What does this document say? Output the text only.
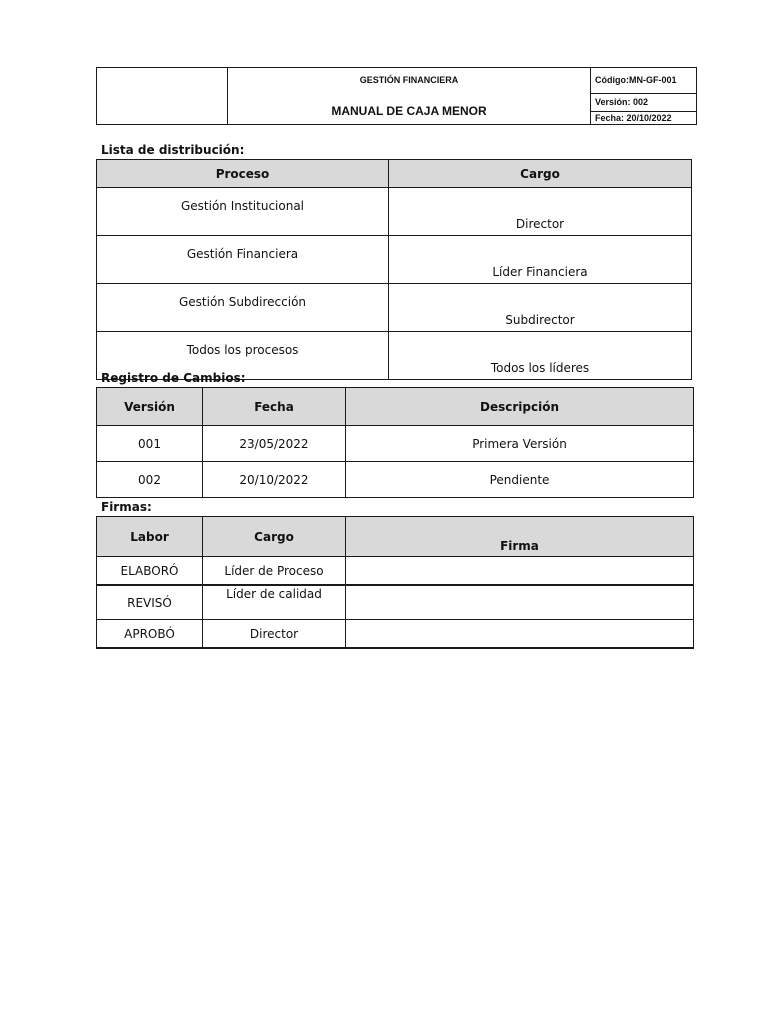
GESTIÓN FINANCIERA
MANUAL DE CAJA MENOR
	Código:MN-GF-001
Versión: 002
Fecha: 20/10/2022
Lista de distribución:
Proceso	Cargo
Gestión Institucional	Director
Gestión Financiera	Líder Financiera
Gestión Subdirección	Subdirector
Todos los procesos	Todos los líderes
Registro de Cambios:
Versión	Fecha	Descripción
001	23/05/2022	Primera Versión
002	20/10/2022	Pendiente
Firmas:
Labor	Cargo	Firma
ELABORÓ	Líder de Proceso	
REVISÓ	Líder de calidad	
APROBÓ	Director	
